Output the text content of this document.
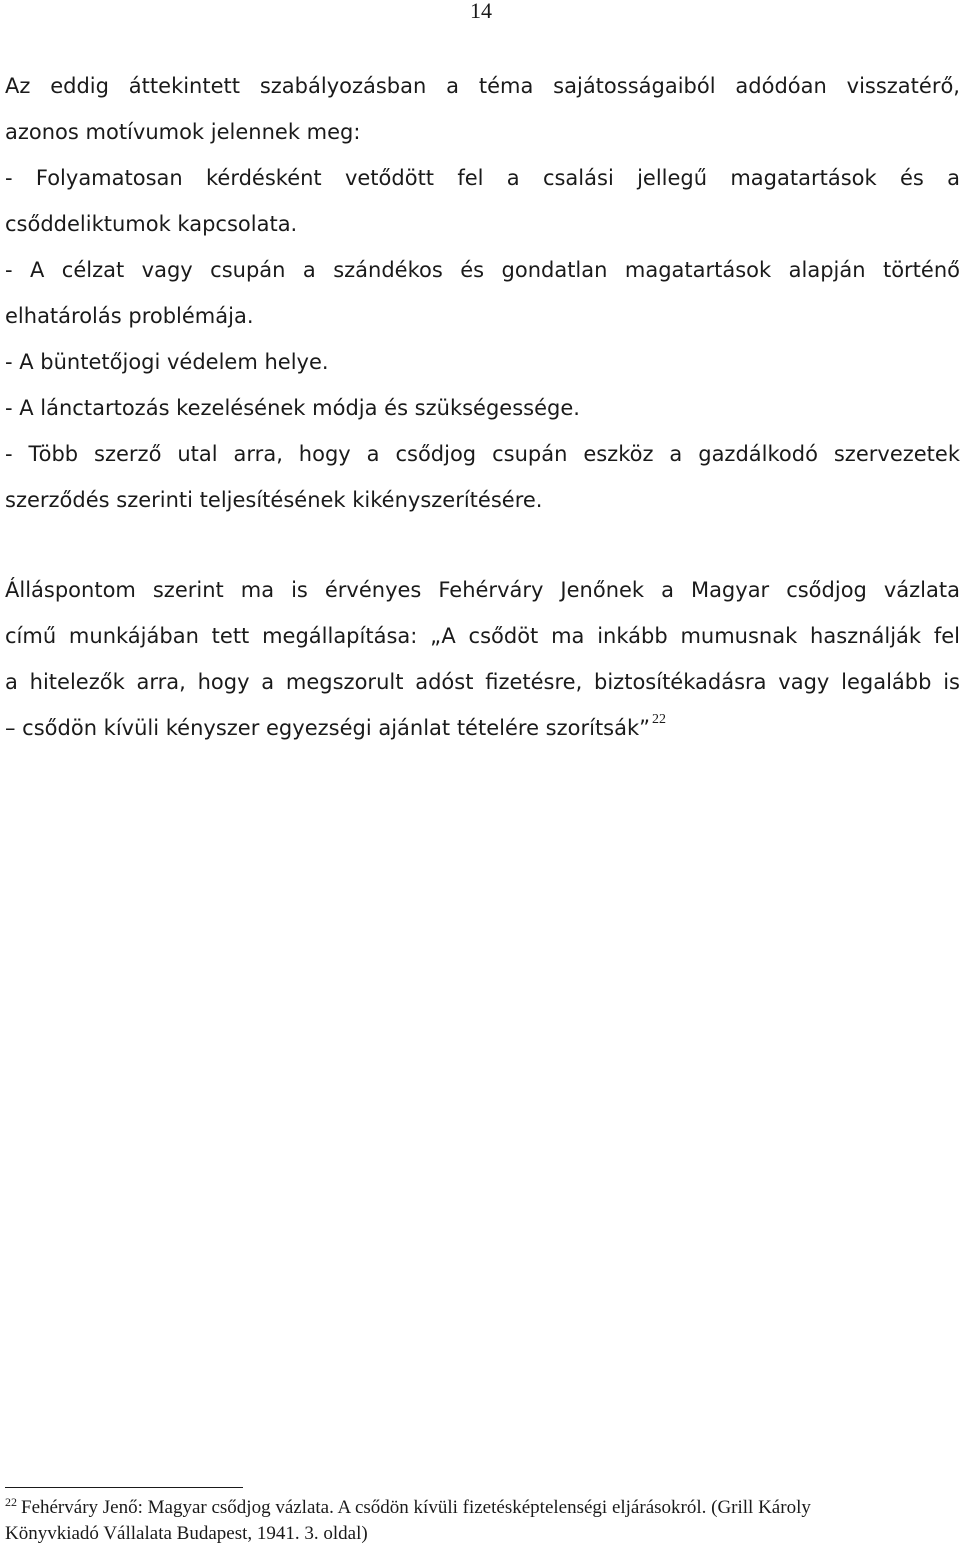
14
Az eddig áttekintett szabályozásban a téma sajátosságaiból adódóan visszatérő,
azonos motívumok jelennek meg:
- Folyamatosan kérdésként vetődött fel a csalási jellegű magatartások és a
csőddeliktumok kapcsolata.
- A célzat vagy csupán a szándékos és gondatlan magatartások alapján történő
elhatárolás problémája.
- A büntetőjogi védelem helye.
- A lánctartozás kezelésének módja és szükségessége.
- Több szerző utal arra, hogy a csődjog csupán eszköz a gazdálkodó szervezetek
szerződés szerinti teljesítésének kikényszerítésére.
Álláspontom szerint ma is érvényes Fehérváry Jenőnek a Magyar csődjog vázlata
című munkájában tett megállapítása: „A csődöt ma inkább mumusnak használják fel
a hitelezők arra, hogy a megszorult adóst fizetésre, biztosítékadásra vagy legalább is
– csődön kívüli kényszer egyezségi ajánlat tételére szorítsák” $^{22}$
$^{22}$ Fehérváry Jenő: Magyar csődjog vázlata. A csődön kívüli fizetésképtelenségi eljárásokról. (Grill Károly
Könyvkiadó Vállalata Budapest, 1941. 3. oldal)
